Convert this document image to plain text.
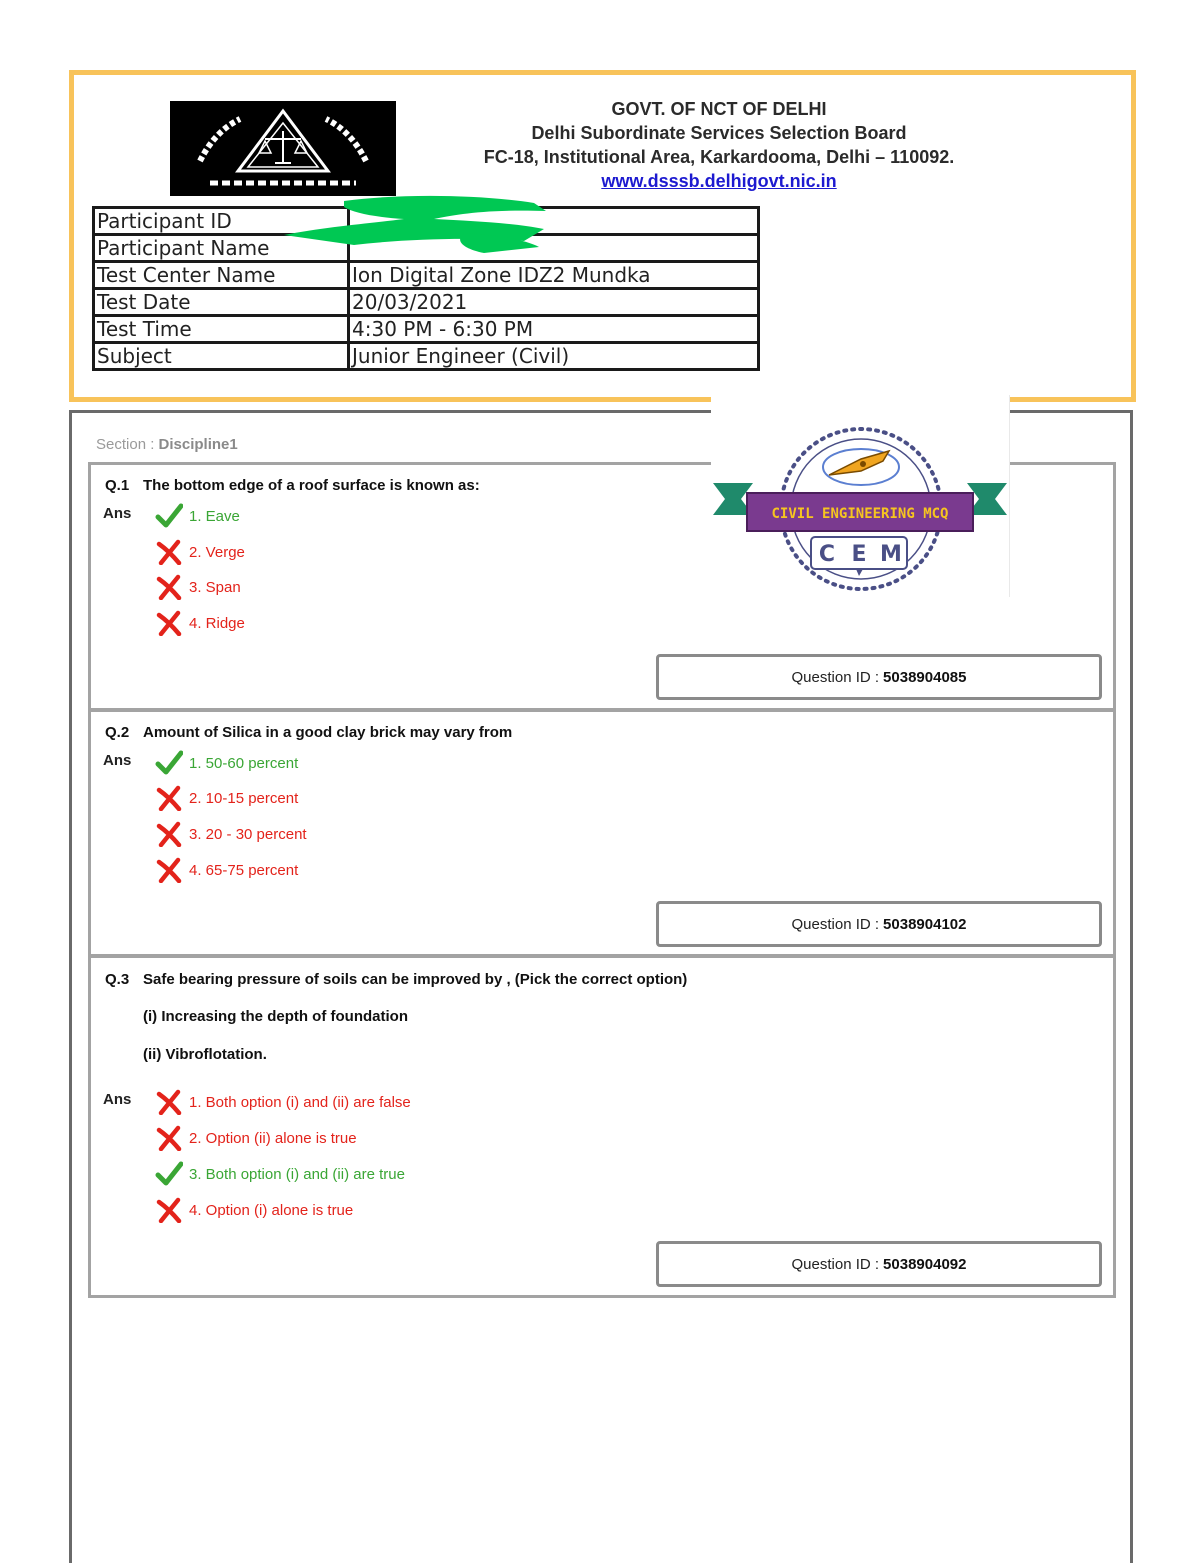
GOVT. OF NCT OF DELHI

Delhi Subordinate Services Selection Board

FC-18, Institutional Area, Karkardooma, Delhi – 110092.

www.dsssb.delhigovt.nic.in
Participant ID	
Participant Name	
Test Center Name	Ion Digital Zone IDZ2 Mundka
Test Date	20/03/2021
Test Time	4:30 PM - 6:30 PM
Subject	Junior Engineer (Civil)
Section : Discipline1
Q.1 The bottom edge of a roof surface is known as:
Ans	1. Eave
2. Verge
3. Span
4. Ridge
Question ID : 5038904085
Q.2 Amount of Silica in a good clay brick may vary from
Ans	1. 50-60 percent
2. 10-15 percent
3. 20 - 30 percent
4. 65-75 percent
Question ID : 5038904102
Q.3 Safe bearing pressure of soils can be improved by , (Pick the correct option)
(i) Increasing the depth of foundation
(ii) Vibroflotation.
Ans	1. Both option (i) and (ii) are false
2. Option (ii) alone is true
3. Both option (i) and (ii) are true
4. Option (i) alone is true
Question ID : 5038904092
CIVIL ENGINEERING MCQ
C E M
